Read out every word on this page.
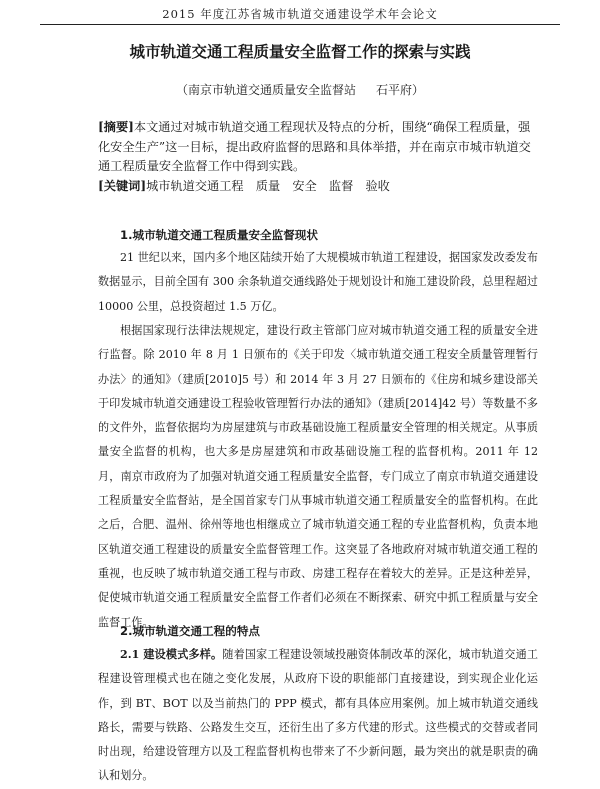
2015 年度江苏省城市轨道交通建设学术年会论文
城市轨道交通工程质量安全监督工作的探索与实践
（南京市轨道交通质量安全监督站 石平府）
[摘要]本文通过对城市轨道交通工程现状及特点的分析，围绕“确保工程质量，强化安全生产”这一目标，提出政府监督的思路和具体举措，并在南京市城市轨道交通工程质量安全监督工作中得到实践。
[关键词]城市轨道交通工程　质量　安全　监督　验收
1.城市轨道交通工程质量安全监督现状
21 世纪以来，国内多个地区陆续开始了大规模城市轨道工程建设，据国家发改委发布数据显示，目前全国有 300 余条轨道交通线路处于规划设计和施工建设阶段，总里程超过 10000 公里，总投资超过 1.5 万亿。
根据国家现行法律法规规定，建设行政主管部门应对城市轨道交通工程的质量安全进行监督。除 2010 年 8 月 1 日颁布的《关于印发〈城市轨道交通工程安全质量管理暂行办法〉的通知》（建质[2010]5 号）和 2014 年 3 月 27 日颁布的《住房和城乡建设部关于印发城市轨道交通建设工程验收管理暂行办法的通知》（建质[2014]42 号）等数量不多的文件外，监督依据均为房屋建筑与市政基础设施工程质量安全管理的相关规定。从事质量安全监督的机构，也大多是房屋建筑和市政基础设施工程的监督机构。2011 年 12 月，南京市政府为了加强对轨道交通工程质量安全监督，专门成立了南京市轨道交通建设工程质量安全监督站，是全国首家专门从事城市轨道交通工程质量安全的监督机构。在此之后，合肥、温州、徐州等地也相继成立了城市轨道交通工程的专业监督机构，负责本地区轨道交通工程建设的质量安全监督管理工作。这突显了各地政府对城市轨道交通工程的重视，也反映了城市轨道交通工程与市政、房建工程存在着较大的差异。正是这种差异，促使城市轨道交通工程质量安全监督工作者们必须在不断探索、研究中抓工程质量与安全监督工作。
2.城市轨道交通工程的特点
2.1 建设模式多样。随着国家工程建设领域投融资体制改革的深化，城市轨道交通工程建设管理模式也在随之变化发展，从政府下设的职能部门直接建设，到实现企业化运作，到 BT、BOT 以及当前热门的 PPP 模式，都有具体应用案例。加上城市轨道交通线路长，需要与铁路、公路发生交互，还衍生出了多方代建的形式。这些模式的交替或者同时出现，给建设管理方以及工程监督机构也带来了不少新问题，最为突出的就是职责的确认和划分。
